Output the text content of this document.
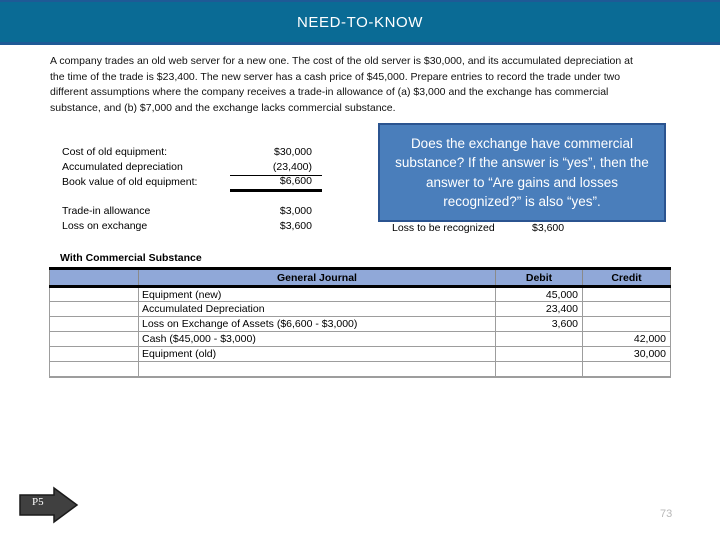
NEED-TO-KNOW
A company trades an old web server for a new one. The cost of the old server is $30,000, and its accumulated depreciation at the time of the trade is $23,400. The new server has a cash price of $45,000. Prepare entries to record the trade under two different assumptions where the company receives a trade-in allowance of (a) $3,000 and the exchange has commercial substance, and (b) $7,000 and the exchange lacks commercial substance.
Cost of old equipment:	$30,000
Accumulated depreciation	(23,400)
Book value of old equipment:	$6,600
Trade-in allowance	$3,000
Loss on exchange	$3,600
Does the exchange have commercial substance? If the answer is “yes”, then the answer to “Are gains and losses recognized?” is also “yes”.
Loss to be recognized	$3,600
With Commercial Substance
	General Journal	Debit	Credit
	Equipment (new)	45,000	
	Accumulated Depreciation	23,400	
	Loss on Exchange of Assets ($6,600 - $3,000)	3,600	
	Cash ($45,000 - $3,000)		42,000
	Equipment (old)		30,000

P5
73
